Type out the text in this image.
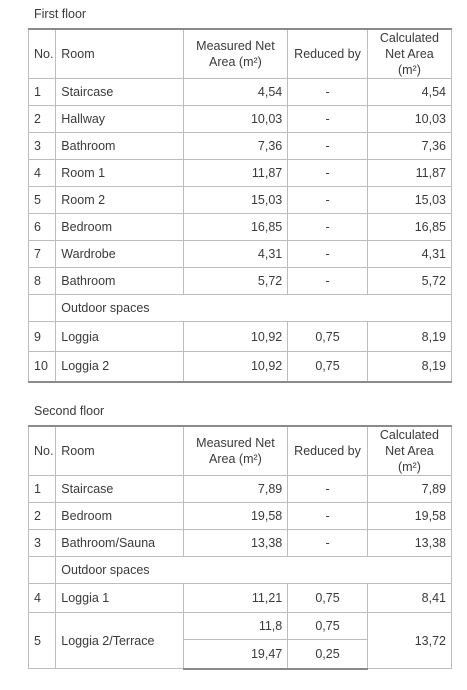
First floor
No.	Room	Measured Net Area (m²)	Reduced by	Calculated Net Area (m²)
1	Staircase	4,54	-	4,54
2	Hallway	10,03	-	10,03
3	Bathroom	7,36	-	7,36
4	Room 1	11,87	-	11,87
5	Room 2	15,03	-	15,03
6	Bedroom	16,85	-	16,85
7	Wardrobe	4,31	-	4,31
8	Bathroom	5,72	-	5,72
	Outdoor spaces			
9	Loggia	10,92	0,75	8,19
10	Loggia 2	10,92	0,75	8,19
Second floor
No.	Room	Measured Net Area (m²)	Reduced by	Calculated Net Area (m²)
1	Staircase	7,89	-	7,89
2	Bedroom	19,58	-	19,58
3	Bathroom/Sauna	13,38	-	13,38
	Outdoor spaces			
4	Loggia 1	11,21	0,75	8,41
5	Loggia 2/Terrace	11,8	0,75	13,72
		19,47	0,25	
